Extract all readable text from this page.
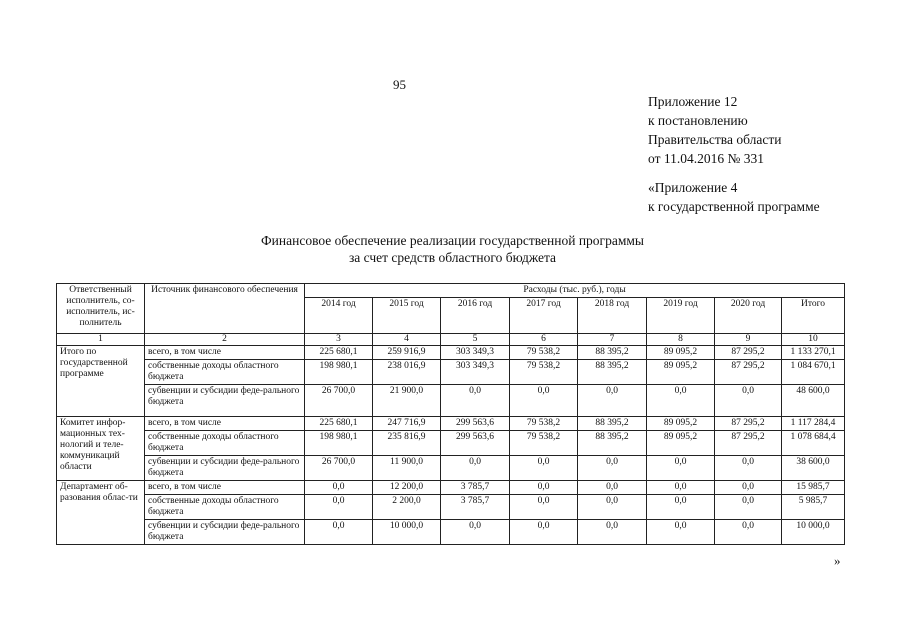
95
Приложение 12
к постановлению
Правительства области
от 11.04.2016 № 331
«Приложение 4
к государственной программе
Финансовое обеспечение реализации государственной программы
за счет средств областного бюджета
Ответственный исполнитель, со-исполнитель, ис-полнитель	Источник финансового обеспечения	Расходы (тыс. руб.), годы							
		2014 год	2015 год	2016 год	2017 год	2018 год	2019 год	2020 год	Итого
1	2	3	4	5	6	7	8	9	10
Итого по государственной программе	всего, в том числе	225 680,1	259 916,9	303 349,3	79 538,2	88 395,2	89 095,2	87 295,2	1 133 270,1
	собственные доходы областного бюджета	198 980,1	238 016,9	303 349,3	79 538,2	88 395,2	89 095,2	87 295,2	1 084 670,1
	субвенции и субсидии феде-рального бюджета	26 700,0	21 900,0	0,0	0,0	0,0	0,0	0,0	48 600,0
Комитет инфор-мационных тех-нологий и теле-коммуникаций области	всего, в том числе	225 680,1	247 716,9	299 563,6	79 538,2	88 395,2	89 095,2	87 295,2	1 117 284,4
	собственные доходы областного бюджета	198 980,1	235 816,9	299 563,6	79 538,2	88 395,2	89 095,2	87 295,2	1 078 684,4
	субвенции и субсидии феде-рального бюджета	26 700,0	11 900,0	0,0	0,0	0,0	0,0	0,0	38 600,0
Департамент об-разования облас-ти	всего, в том числе	0,0	12 200,0	3 785,7	0,0	0,0	0,0	0,0	15 985,7
	собственные доходы областного бюджета	0,0	2 200,0	3 785,7	0,0	0,0	0,0	0,0	5 985,7
	субвенции и субсидии феде-рального бюджета	0,0	10 000,0	0,0	0,0	0,0	0,0	0,0	10 000,0
»
